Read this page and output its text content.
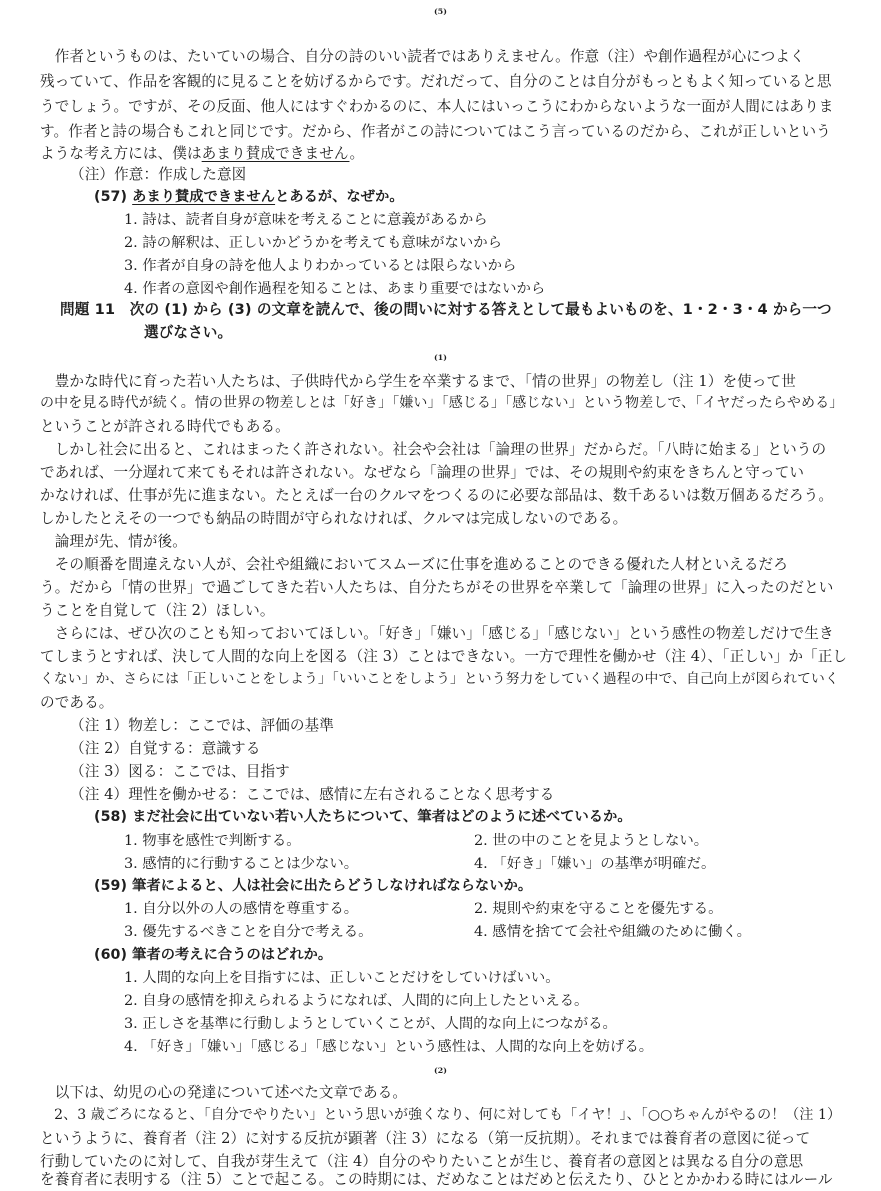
(5)
　作者というものは、たいていの場合、自分の詩のいい読者ではありえません。作意（注）や創作過程が心につよく
残っていて、作品を客観的に見ることを妨げるからです。だれだって、自分のことは自分がもっともよく知っていると思
うでしょう。ですが、その反面、他人にはすぐわかるのに、本人にはいっこうにわからないような一面が人間にはありま
す。作者と詩の場合もこれと同じです。だから、作者がこの詩についてはこう言っているのだから、これが正しいという
ような考え方には、僕はあまり賛成できません。
（注）作意：作成した意図
(57) あまり賛成できませんとあるが、なぜか。
1. 詩は、読者自身が意味を考えることに意義があるから
2. 詩の解釈は、正しいかどうかを考えても意味がないから
3. 作者が自身の詩を他人よりわかっているとは限らないから
4. 作者の意図や創作過程を知ることは、あまり重要ではないから
問題 11　次の (1) から (3) の文章を読んで、後の問いに対する答えとして最もよいものを、1・2・3・4 から一つ
選びなさい。
(1)
　豊かな時代に育った若い人たちは、子供時代から学生を卒業するまで、「情の世界」の物差し（注 1）を使って世
の中を見る時代が続く。情の世界の物差しとは「好き」「嫌い」「感じる」「感じない」という物差しで、「イヤだったらやめる」
ということが許される時代でもある。
　しかし社会に出ると、これはまったく許されない。社会や会社は「論理の世界」だからだ。「八時に始まる」というの
であれば、一分遅れて来てもそれは許されない。なぜなら「論理の世界」では、その規則や約束をきちんと守ってい
かなければ、仕事が先に進まない。たとえば一台のクルマをつくるのに必要な部品は、数千あるいは数万個あるだろう。
しかしたとえその一つでも納品の時間が守られなければ、クルマは完成しないのである。
　論理が先、情が後。
　その順番を間違えない人が、会社や組織においてスムーズに仕事を進めることのできる優れた人材といえるだろ
う。だから「情の世界」で過ごしてきた若い人たちは、自分たちがその世界を卒業して「論理の世界」に入ったのだとい
うことを自覚して（注 2）ほしい。
　さらには、ぜひ次のことも知っておいてほしい。「好き」「嫌い」「感じる」「感じない」という感性の物差しだけで生き
てしまうとすれば、決して人間的な向上を図る（注 3）ことはできない。一方で理性を働かせ（注 4）、「正しい」か「正し
くない」か、さらには「正しいことをしよう」「いいことをしよう」という努力をしていく過程の中で、自己向上が図られていく
のである。
（注 1）物差し：ここでは、評価の基準
（注 2）自覚する：意識する
（注 3）図る：ここでは、目指す
（注 4）理性を働かせる：ここでは、感情に左右されることなく思考する
(58) まだ社会に出ていない若い人たちについて、筆者はどのように述べているか。
1. 物事を感性で判断する。	2. 世の中のことを見ようとしない。
3. 感情的に行動することは少ない。	4. 「好き」「嫌い」の基準が明確だ。
(59) 筆者によると、人は社会に出たらどうしなければならないか。
1. 自分以外の人の感情を尊重する。	2. 規則や約束を守ることを優先する。
3. 優先するべきことを自分で考える。	4. 感情を捨てて会社や組織のために働く。
(60) 筆者の考えに合うのはどれか。
1. 人間的な向上を目指すには、正しいことだけをしていけばいい。
2. 自身の感情を抑えられるようになれば、人間的に向上したといえる。
3. 正しさを基準に行動しようとしていくことが、人間的な向上につながる。
4. 「好き」「嫌い」「感じる」「感じない」という感性は、人間的な向上を妨げる。
(2)
　以下は、幼児の心の発達について述べた文章である。
　2、3 歳ごろになると、「自分でやりたい」という思いが強くなり、何に対しても「イヤ！」、「○○ちゃんがやるの！（注 1）
というように、養育者（注 2）に対する反抗が顕著（注 3）になる（第一反抗期）。それまでは養育者の意図に従って
行動していたのに対して、自我が芽生えて（注 4）自分のやりたいことが生じ、養育者の意図とは異なる自分の意思
を養育者に表明する（注 5）ことで起こる。この時期には、だめなことはだめと伝えたり、ひととかかわる時にはルール
